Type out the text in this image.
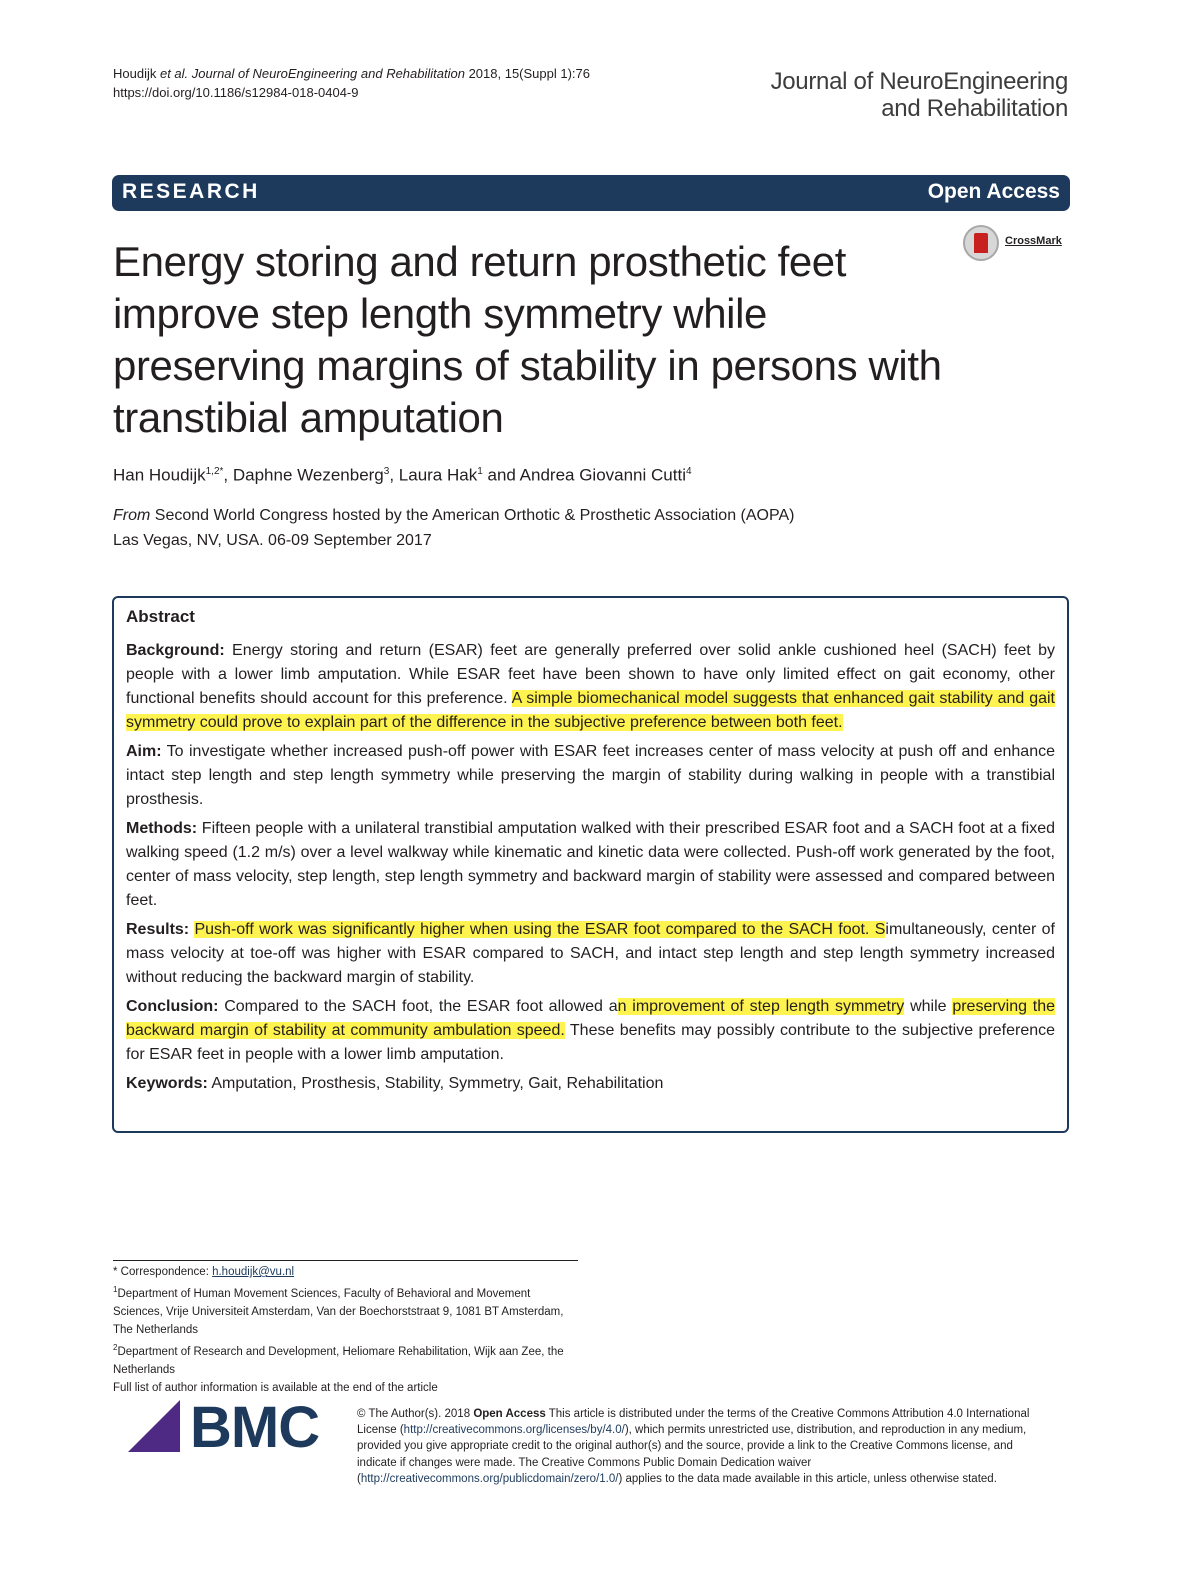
Houdijk et al. Journal of NeuroEngineering and Rehabilitation 2018, 15(Suppl 1):76
https://doi.org/10.1186/s12984-018-0404-9	Journal of NeuroEngineering
and Rehabilitation
RESEARCH	Open Access
CrossMark
Energy storing and return prosthetic feet improve step length symmetry while preserving margins of stability in persons with transtibial amputation
Han Houdijk$^{1,2*}$, Daphne Wezenberg$^3$, Laura Hak$^1$ and Andrea Giovanni Cutti$^4$
From Second World Congress hosted by the American Orthotic & Prosthetic Association (AOPA)
Las Vegas, NV, USA. 06-09 September 2017
Abstract

Background: Energy storing and return (ESAR) feet are generally preferred over solid ankle cushioned heel (SACH) feet by people with a lower limb amputation. While ESAR feet have been shown to have only limited effect on gait economy, other functional benefits should account for this preference. A simple biomechanical model suggests that enhanced gait stability and gait symmetry could prove to explain part of the difference in the subjective preference between both feet.

Aim: To investigate whether increased push-off power with ESAR feet increases center of mass velocity at push off and enhance intact step length and step length symmetry while preserving the margin of stability during walking in people with a transtibial prosthesis.

Methods: Fifteen people with a unilateral transtibial amputation walked with their prescribed ESAR foot and a SACH foot at a fixed walking speed (1.2 m/s) over a level walkway while kinematic and kinetic data were collected. Push-off work generated by the foot, center of mass velocity, step length, step length symmetry and backward margin of stability were assessed and compared between feet.

Results: Push-off work was significantly higher when using the ESAR foot compared to the SACH foot. Simultaneously, center of mass velocity at toe-off was higher with ESAR compared to SACH, and intact step length and step length symmetry increased without reducing the backward margin of stability.

Conclusion: Compared to the SACH foot, the ESAR foot allowed an improvement of step length symmetry while preserving the backward margin of stability at community ambulation speed. These benefits may possibly contribute to the subjective preference for ESAR feet in people with a lower limb amputation.

Keywords: Amputation, Prosthesis, Stability, Symmetry, Gait, Rehabilitation

* Correspondence: h.houdijk@vu.nl

$^1$Department of Human Movement Sciences, Faculty of Behavioral and Movement Sciences, Vrije Universiteit Amsterdam, Van der Boechorststraat 9, 1081 BT Amsterdam, The Netherlands

$^2$Department of Research and Development, Heliomare Rehabilitation, Wijk aan Zee, the Netherlands

Full list of author information is available at the end of the article

BMC	© The Author(s). 2018 Open Access This article is distributed under the terms of the Creative Commons Attribution 4.0 International License (http://creativecommons.org/licenses/by/4.0/), which permits unrestricted use, distribution, and reproduction in any medium, provided you give appropriate credit to the original author(s) and the source, provide a link to the Creative Commons license, and indicate if changes were made. The Creative Commons Public Domain Dedication waiver (http://creativecommons.org/publicdomain/zero/1.0/) applies to the data made available in this article, unless otherwise stated.
